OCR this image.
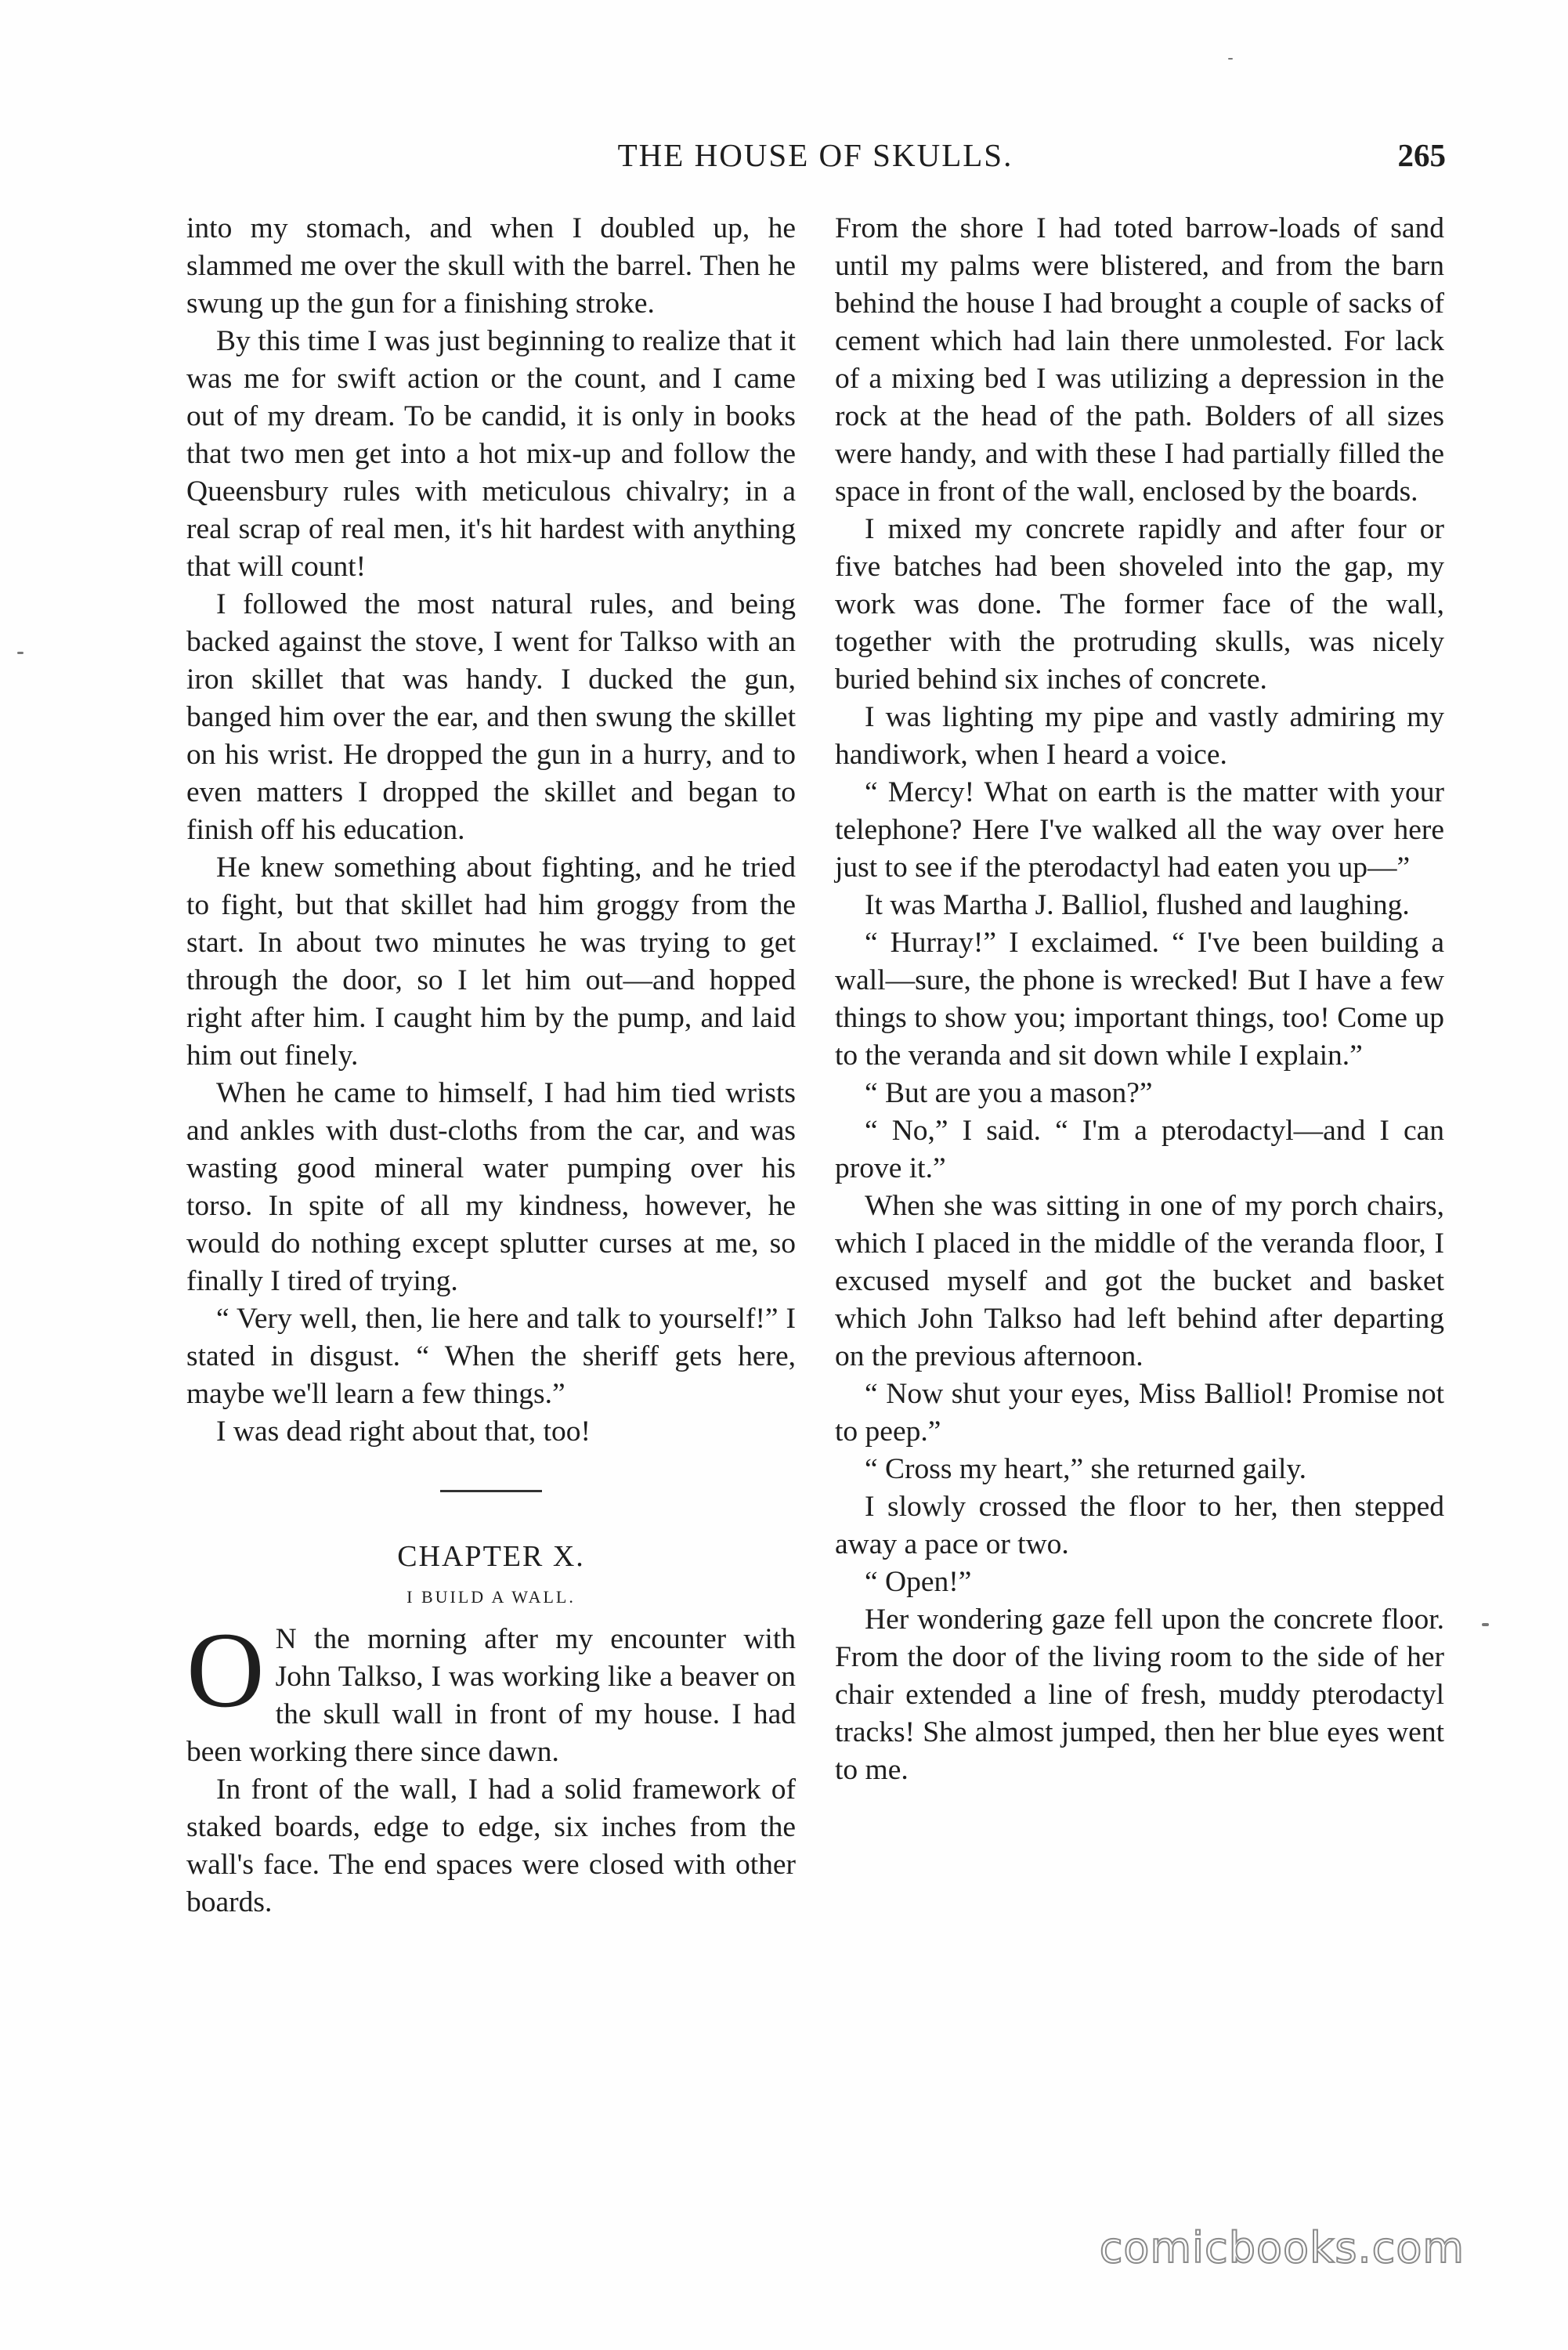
THE HOUSE OF SKULLS.	265

into my stomach, and when I doubled up, he slammed me over the skull with the barrel. Then he swung up the gun for a finishing stroke.

By this time I was just beginning to realize that it was me for swift action or the count, and I came out of my dream. To be candid, it is only in books that two men get into a hot mix-up and follow the Queensbury rules with meticulous chivalry; in a real scrap of real men, it's hit hardest with anything that will count!

I followed the most natural rules, and being backed against the stove, I went for Talkso with an iron skillet that was handy. I ducked the gun, banged him over the ear, and then swung the skillet on his wrist. He dropped the gun in a hurry, and to even matters I dropped the skillet and began to finish off his education.

He knew something about fighting, and he tried to fight, but that skillet had him groggy from the start. In about two minutes he was trying to get through the door, so I let him out—and hopped right after him. I caught him by the pump, and laid him out finely.

When he came to himself, I had him tied wrists and ankles with dust-cloths from the car, and was wasting good mineral water pumping over his torso. In spite of all my kindness, however, he would do nothing except splutter curses at me, so finally I tired of trying.

“ Very well, then, lie here and talk to yourself!” I stated in disgust. “ When the sheriff gets here, maybe we'll learn a few things.”

I was dead right about that, too!

CHAPTER X.
I BUILD A WALL.

O N the morning after my encounter with John Talkso, I was working like a beaver on the skull wall in front of my house. I had been working there since dawn.

In front of the wall, I had a solid framework of staked boards, edge to edge, six inches from the wall's face. The end spaces were closed with other boards.

From the shore I had toted barrow-loads of sand until my palms were blistered, and from the barn behind the house I had brought a couple of sacks of cement which had lain there unmolested. For lack of a mixing bed I was utilizing a depression in the rock at the head of the path. Bolders of all sizes were handy, and with these I had partially filled the space in front of the wall, enclosed by the boards.

I mixed my concrete rapidly and after four or five batches had been shoveled into the gap, my work was done. The former face of the wall, together with the protruding skulls, was nicely buried behind six inches of concrete.

I was lighting my pipe and vastly admiring my handiwork, when I heard a voice.

“ Mercy! What on earth is the matter with your telephone? Here I've walked all the way over here just to see if the pterodactyl had eaten you up—”

It was Martha J. Balliol, flushed and laughing.

“ Hurray!” I exclaimed. “ I've been building a wall—sure, the phone is wrecked! But I have a few things to show you; important things, too! Come up to the veranda and sit down while I explain.”

“ But are you a mason?”

“ No,” I said. “ I'm a pterodactyl—and I can prove it.”

When she was sitting in one of my porch chairs, which I placed in the middle of the veranda floor, I excused myself and got the bucket and basket which John Talkso had left behind after departing on the previous afternoon.

“ Now shut your eyes, Miss Balliol! Promise not to peep.”

“ Cross my heart,” she returned gaily.

I slowly crossed the floor to her, then stepped away a pace or two.

“ Open!”

Her wondering gaze fell upon the concrete floor. From the door of the living room to the side of her chair extended a line of fresh, muddy pterodactyl tracks! She almost jumped, then her blue eyes went to me.

comicbooks.com
